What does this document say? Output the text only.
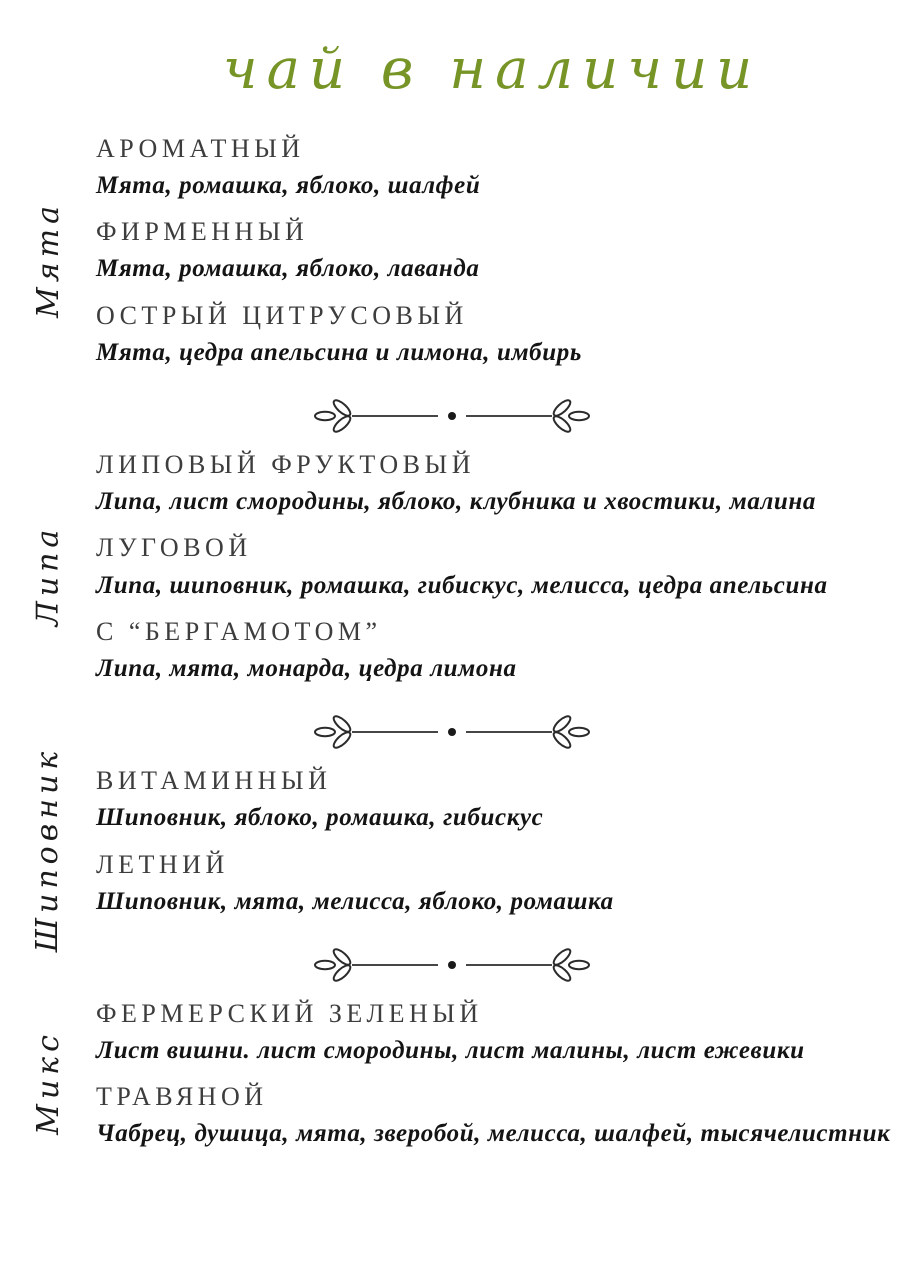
чай в наличии
Мята
АРОМАТНЫЙ
Мята, ромашка, яблоко, шалфей
ФИРМЕННЫЙ
Мята, ромашка, яблоко, лаванда
ОСТРЫЙ ЦИТРУСОВЫЙ
Мята, цедра апельсина и лимона, имбирь
Липа
ЛИПОВЫЙ ФРУКТОВЫЙ
Липа, лист смородины, яблоко, клубника и хвостики, малина
ЛУГОВОЙ
Липа, шиповник, ромашка, гибискус, мелисса, цедра апельсина
С “БЕРГАМОТОМ”
Липа, мята, монарда, цедра лимона
Шиповник ВИТАМИННЫЙ
Шиповник, яблоко, ромашка, гибискус
ЛЕТНИЙ
Шиповник, мята, мелисса, яблоко, ромашка
Микс
ФЕРМЕРСКИЙ ЗЕЛЕНЫЙ
Лист вишни. лист смородины, лист малины, лист ежевики
ТРАВЯНОЙ
Чабрец, душица, мята, зверобой, мелисса, шалфей, тысячелистник
